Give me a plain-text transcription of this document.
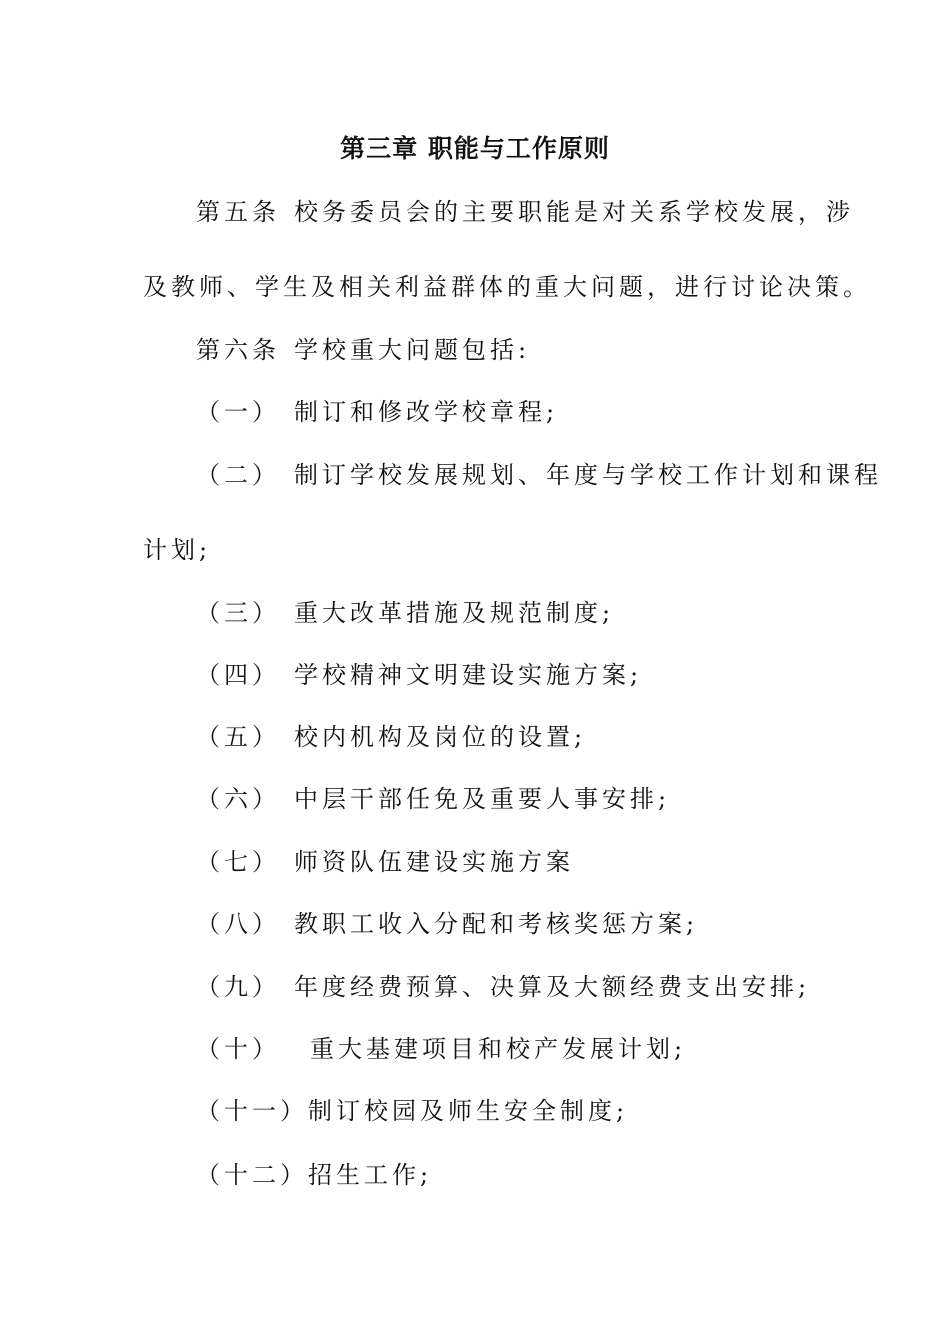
第三章 职能与工作原则
第五条 校务委员会的主要职能是对关系学校发展，涉
及教师、学生及相关利益群体的重大问题，进行讨论决策。
第六条 学校重大问题包括:
（一） 制订和修改学校章程;
（二） 制订学校发展规划、年度与学校工作计划和课程
计划;
（三） 重大改革措施及规范制度;
（四） 学校精神文明建设实施方案;
（五） 校内机构及岗位的设置;
（六） 中层干部任免及重要人事安排;
（七） 师资队伍建设实施方案
（八） 教职工收入分配和考核奖惩方案;
（九） 年度经费预算、决算及大额经费支出安排;
（十） 重大基建项目和校产发展计划;
（十一）制订校园及师生安全制度;
（十二）招生工作;
